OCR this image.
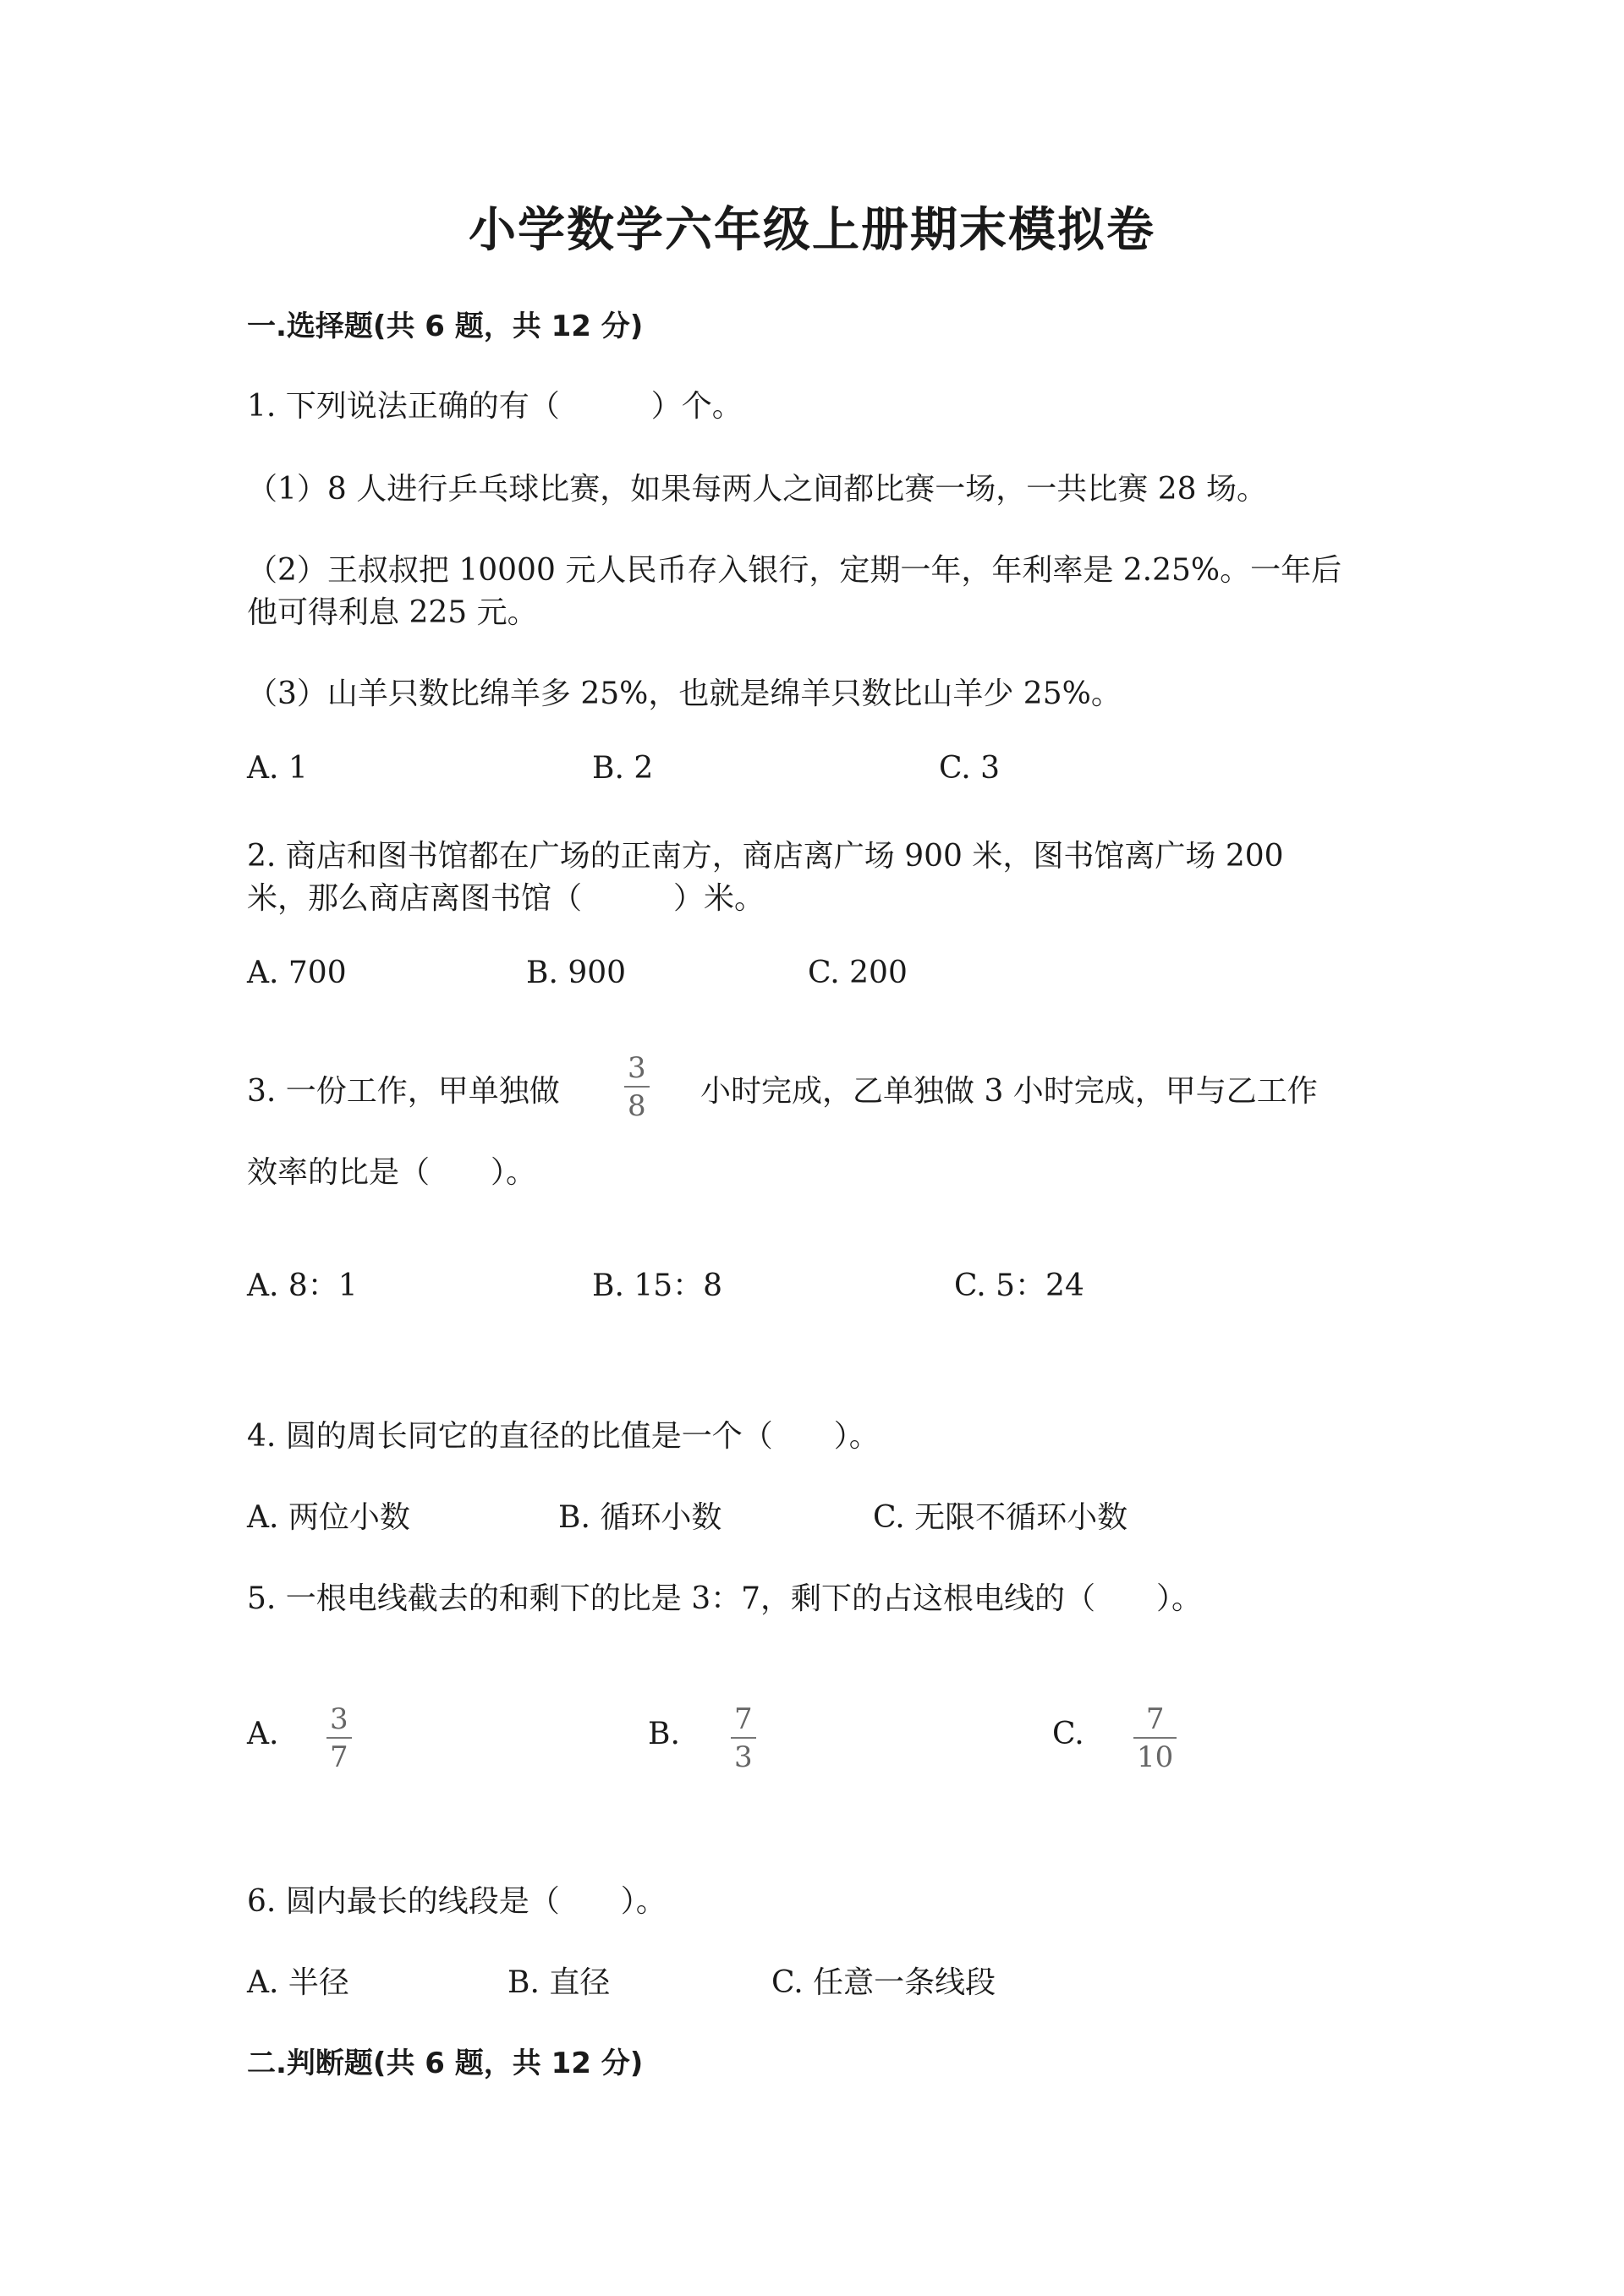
小学数学六年级上册期末模拟卷
一.选择题(共 6 题，共 12 分)
1. 下列说法正确的有（　　　）个。
（1）8 人进行乒乓球比赛，如果每两人之间都比赛一场，一共比赛 28 场。
（2）王叔叔把 10000 元人民币存入银行，定期一年，年利率是 2.25%。一年后
他可得利息 225 元。
（3）山羊只数比绵羊多 25%，也就是绵羊只数比山羊少 25%。
A. 1	B. 2	C. 3
2. 商店和图书馆都在广场的正南方，商店离广场 900 米，图书馆离广场 200
米，那么商店离图书馆（　　　）米。
A. 700	B. 900	C. 200
3. 一份工作，甲单独做
3
8 小时完成，乙单独做 3 小时完成，甲与乙工作
效率的比是（　　）。
A. 8：1	B. 15：8	C. 5：24
4. 圆的周长同它的直径的比值是一个（　　）。
A. 两位小数	B. 循环小数	C. 无限不循环小数
5. 一根电线截去的和剩下的比是 3：7，剩下的占这根电线的（　　）。
A. 3
7
B. 7
3
C. 7
10
6. 圆内最长的线段是（　　）。
A. 半径	B. 直径	C. 任意一条线段
二.判断题(共 6 题，共 12 分)
